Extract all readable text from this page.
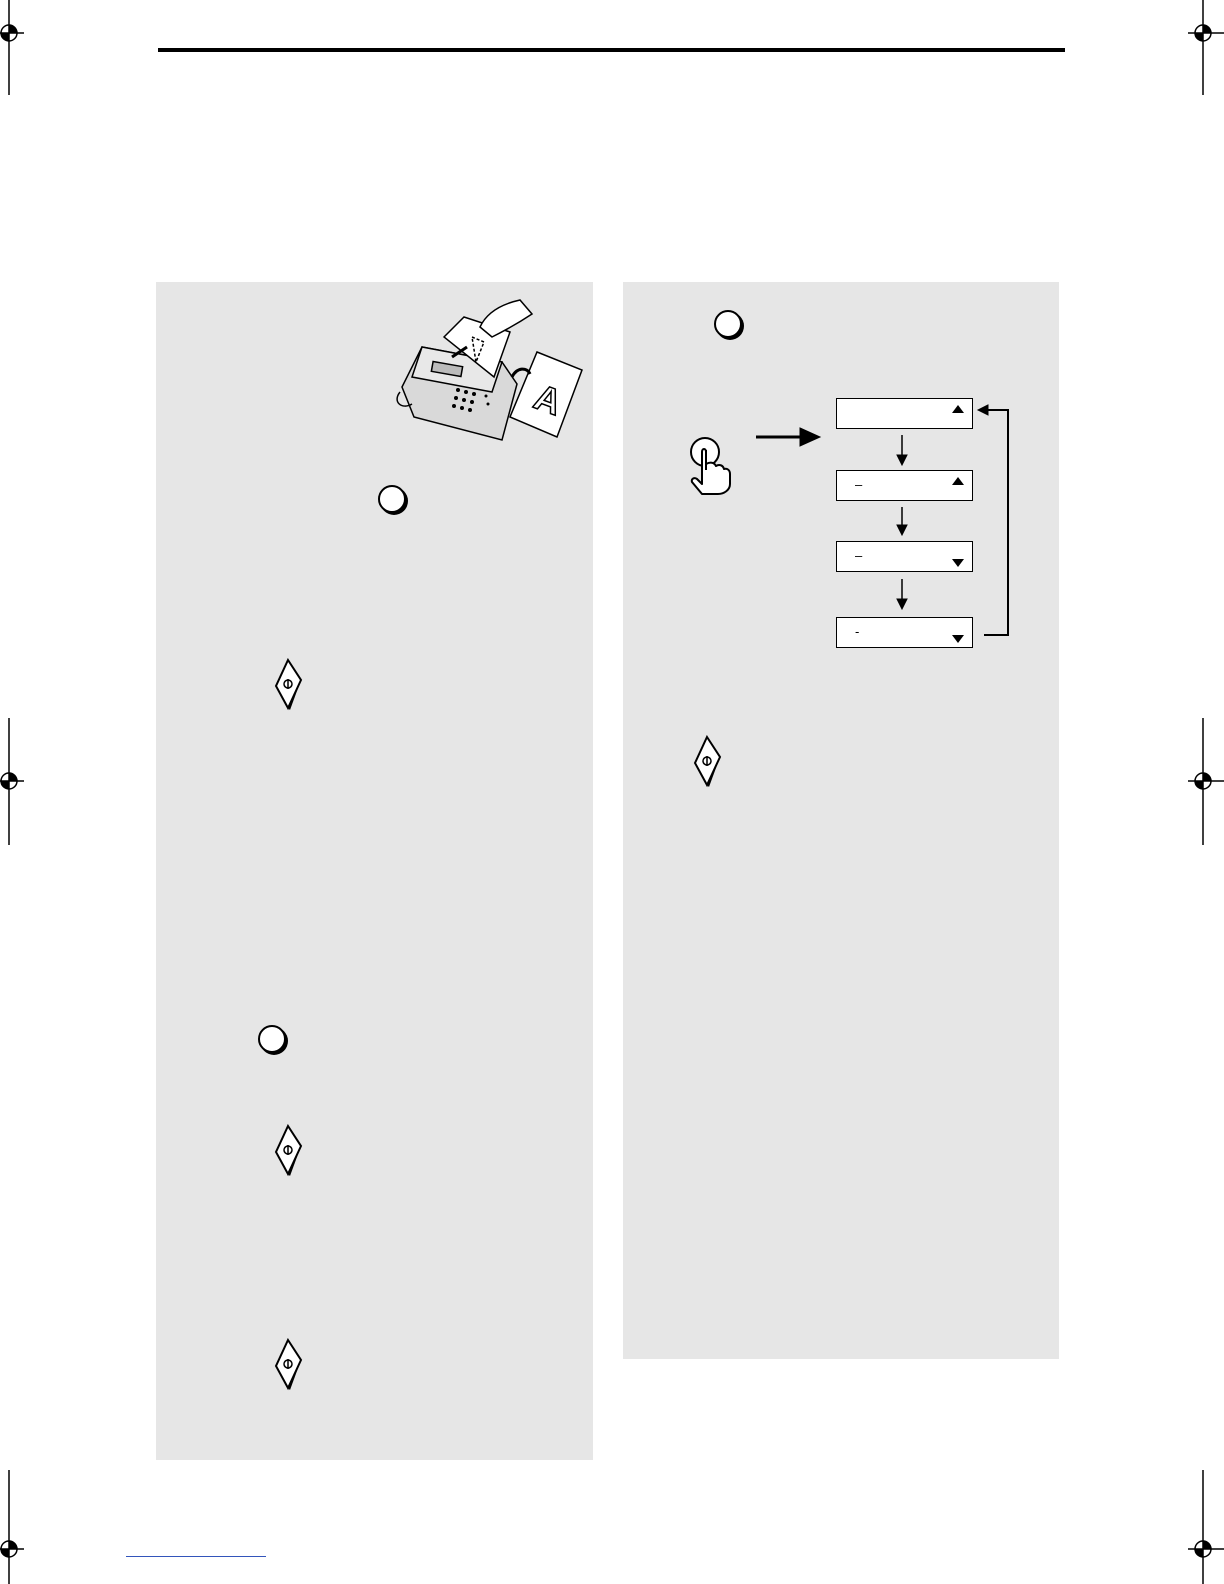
A
–
–
-
